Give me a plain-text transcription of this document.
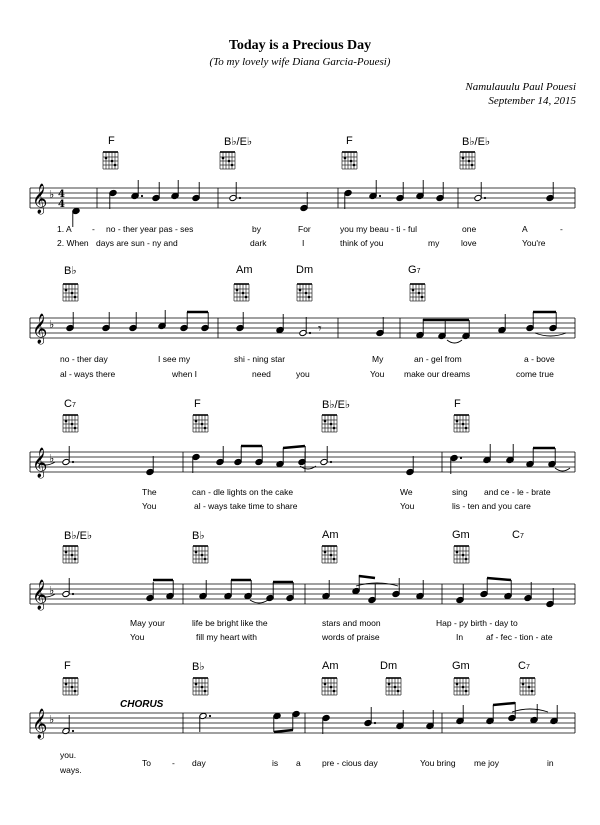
Today is a Precious Day
(To my lovely wife Diana Garcia-Pouesi)
Namulauulu Paul Pouesi
September 14, 2015
F	B♭/E♭	F	B♭/E♭
1. A - no - ther year pas - ses	by	For	you my beau - ti - ful	one	A	-
2. When days are sun - ny and	dark	I	think of you	my	love	You're
B♭	Am	Dm	G7
no - ther day	I see my	shi - ning star	My	an - gel from	a - bove
al - ways there	when I	need	you	You make our dreams	come true
C7	F	B♭/E♭	F
The	can - dle lights on the cake	We	sing and ce - le - brate
You	al - ways take time to share	You	lis - ten and you care
B♭/E♭	B♭	Am	Gm	C7
May your	life be bright like the	stars and moon	Hap - py birth - day to
You	fill my heart with	words of praise	In	af - fec - tion - ate
F	B♭	Am	Dm	Gm	C7
CHORUS
you.
ways.
To - day	is a	pre - cious day	You bring me joy	in
𝄞 ♭ 4
4
𝄞 ♭	𝄾
𝄞 ♭
𝄞 ♭
𝄞 ♭
